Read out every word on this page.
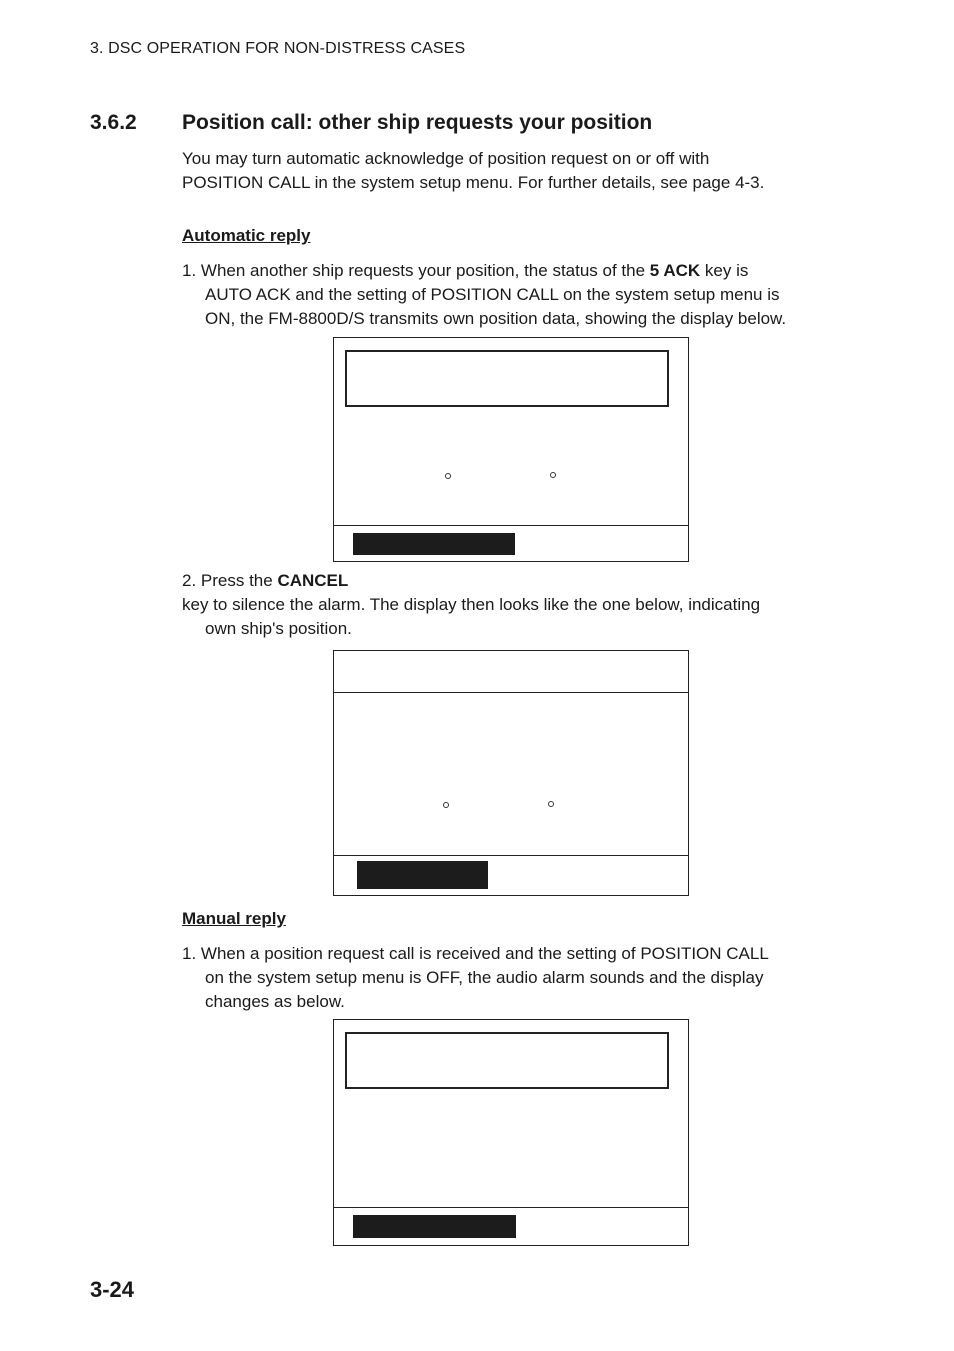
3. DSC OPERATION FOR NON-DISTRESS CASES
3.6.2 Position call: other ship requests your position
You may turn automatic acknowledge of position request on or off with
POSITION CALL in the system setup menu. For further details, see page 4-3.
Automatic reply
1. When another ship requests your position, the status of the 5 ACK key is
AUTO ACK and the setting of POSITION CALL on the system setup menu is
ON, the FM-8800D/S transmits own position data, showing the display below.
2. Press the CANCEL
key to silence the alarm. The display then looks like the one below, indicating
own ship's position.
Manual reply
1. When a position request call is received and the setting of POSITION CALL
on the system setup menu is OFF, the audio alarm sounds and the display
changes as below.
3-24
